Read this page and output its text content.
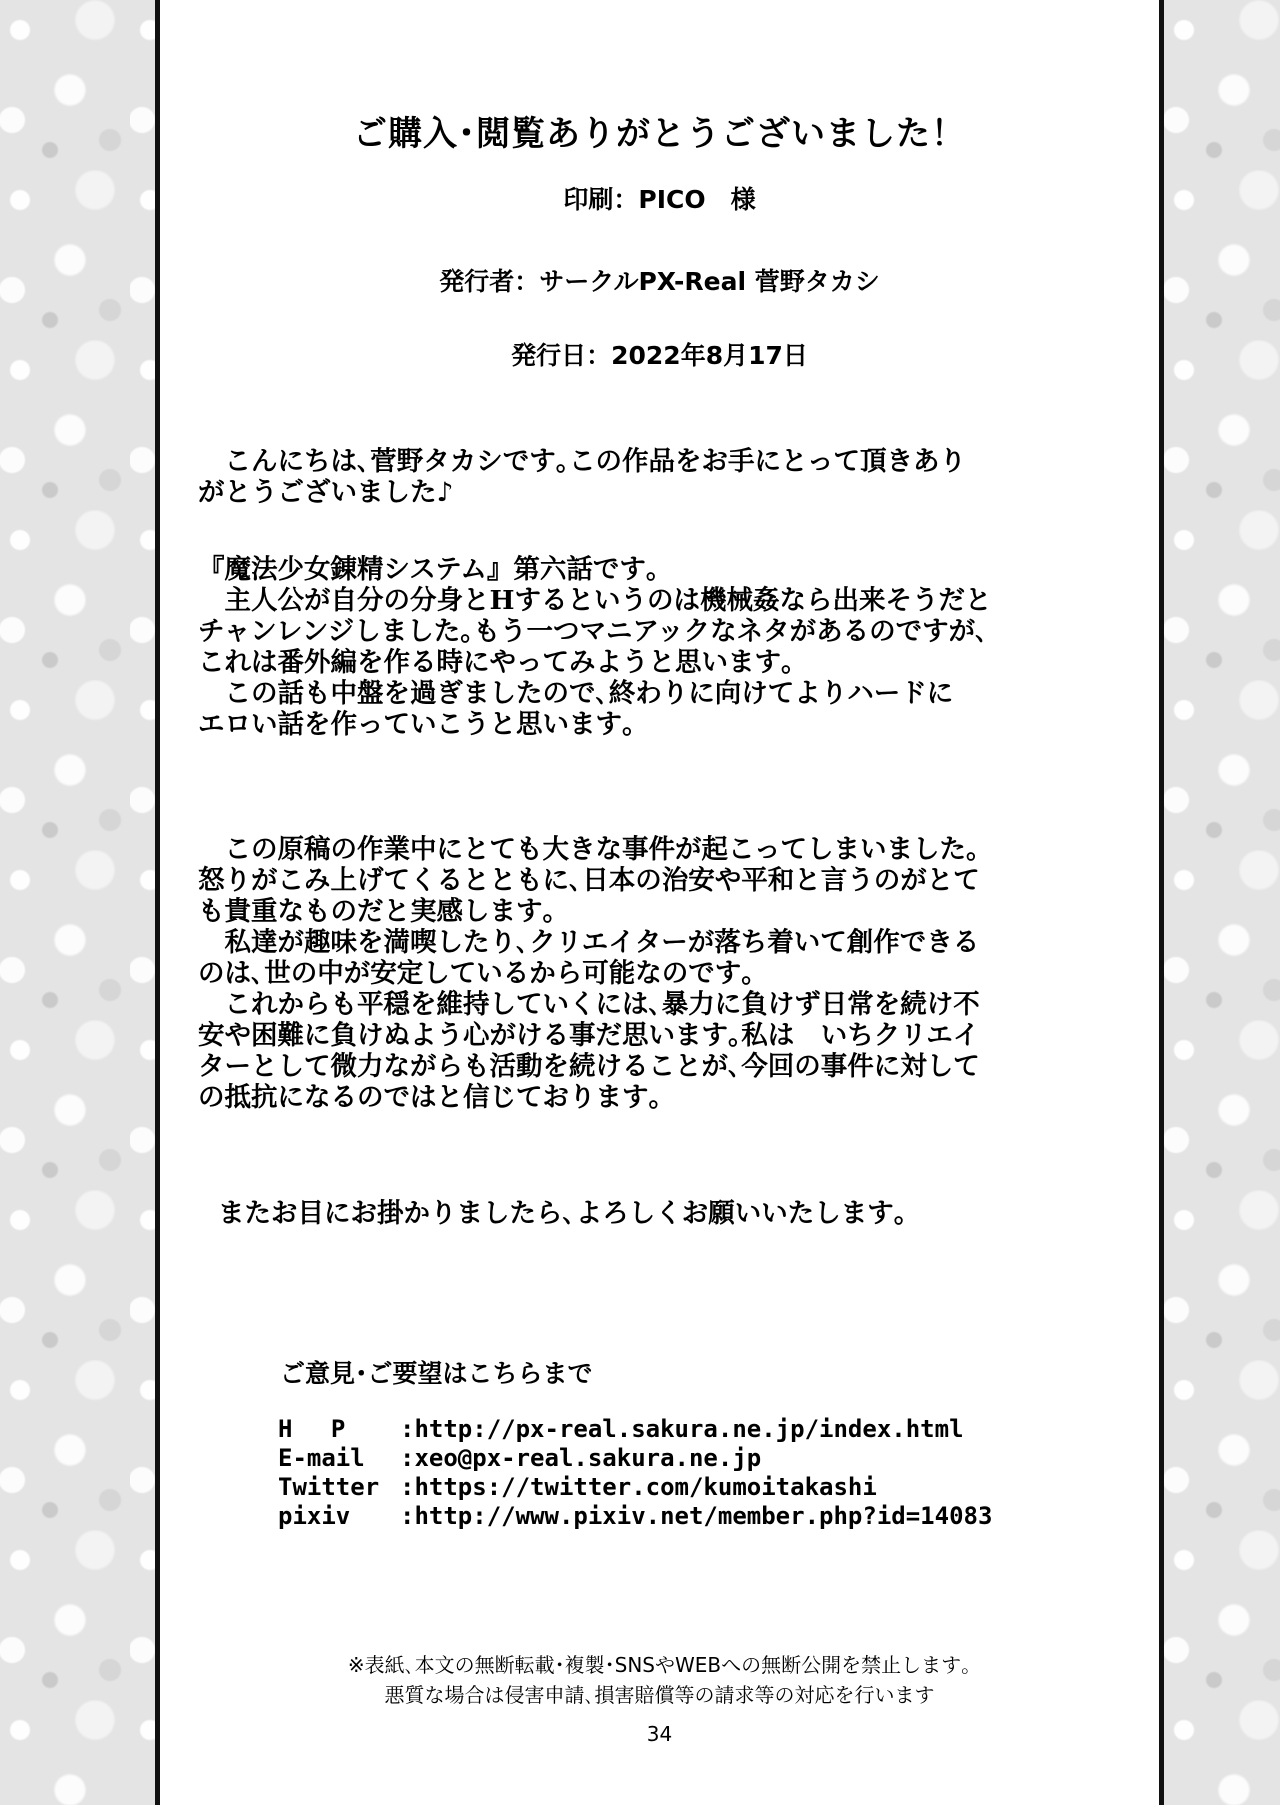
ご購入･閲覧ありがとうございました！
印刷：PICO　様
発行者：サークルPX-Real 菅野タカシ
発行日：2022年8月17日
　こんにちは､菅野タカシです｡この作品をお手にとって頂きあり
がとうございました♪
『魔法少女錬精システム』第六話です｡
　主人公が自分の分身とHするというのは機械姦なら出来そうだと
チャンレンジしました｡もう一つマニアックなネタがあるのですが､
これは番外編を作る時にやってみようと思います｡
　この話も中盤を過ぎましたので､終わりに向けてよりハードに
エロい話を作っていこうと思います｡
　この原稿の作業中にとても大きな事件が起こってしまいました｡
怒りがこみ上げてくるとともに､日本の治安や平和と言うのがとて
も貴重なものだと実感します｡
　私達が趣味を満喫したり､クリエイターが落ち着いて創作できる
のは､世の中が安定しているから可能なのです｡
　これからも平穏を維持していくには､暴力に負けず日常を続け不
安や困難に負けぬよう心がける事だ思います｡私は　いちクリエイ
ターとして微力ながらも活動を続けることが､今回の事件に対して
の抵抗になるのではと信じております｡
またお目にお掛かりましたら､よろしくお願いいたします｡
ご意見･ご要望はこちらまで
H　 P	:http://px-real.sakura.ne.jp/index.html
E-mail	:xeo@px-real.sakura.ne.jp
Twitter :https://twitter.com/kumoitakashi
pixiv	:http://www.pixiv.net/member.php?id=14083
※表紙､本文の無断転載･複製･SNSやWEBへの無断公開を禁止します｡
悪質な場合は侵害申請､損害賠償等の請求等の対応を行います
34
